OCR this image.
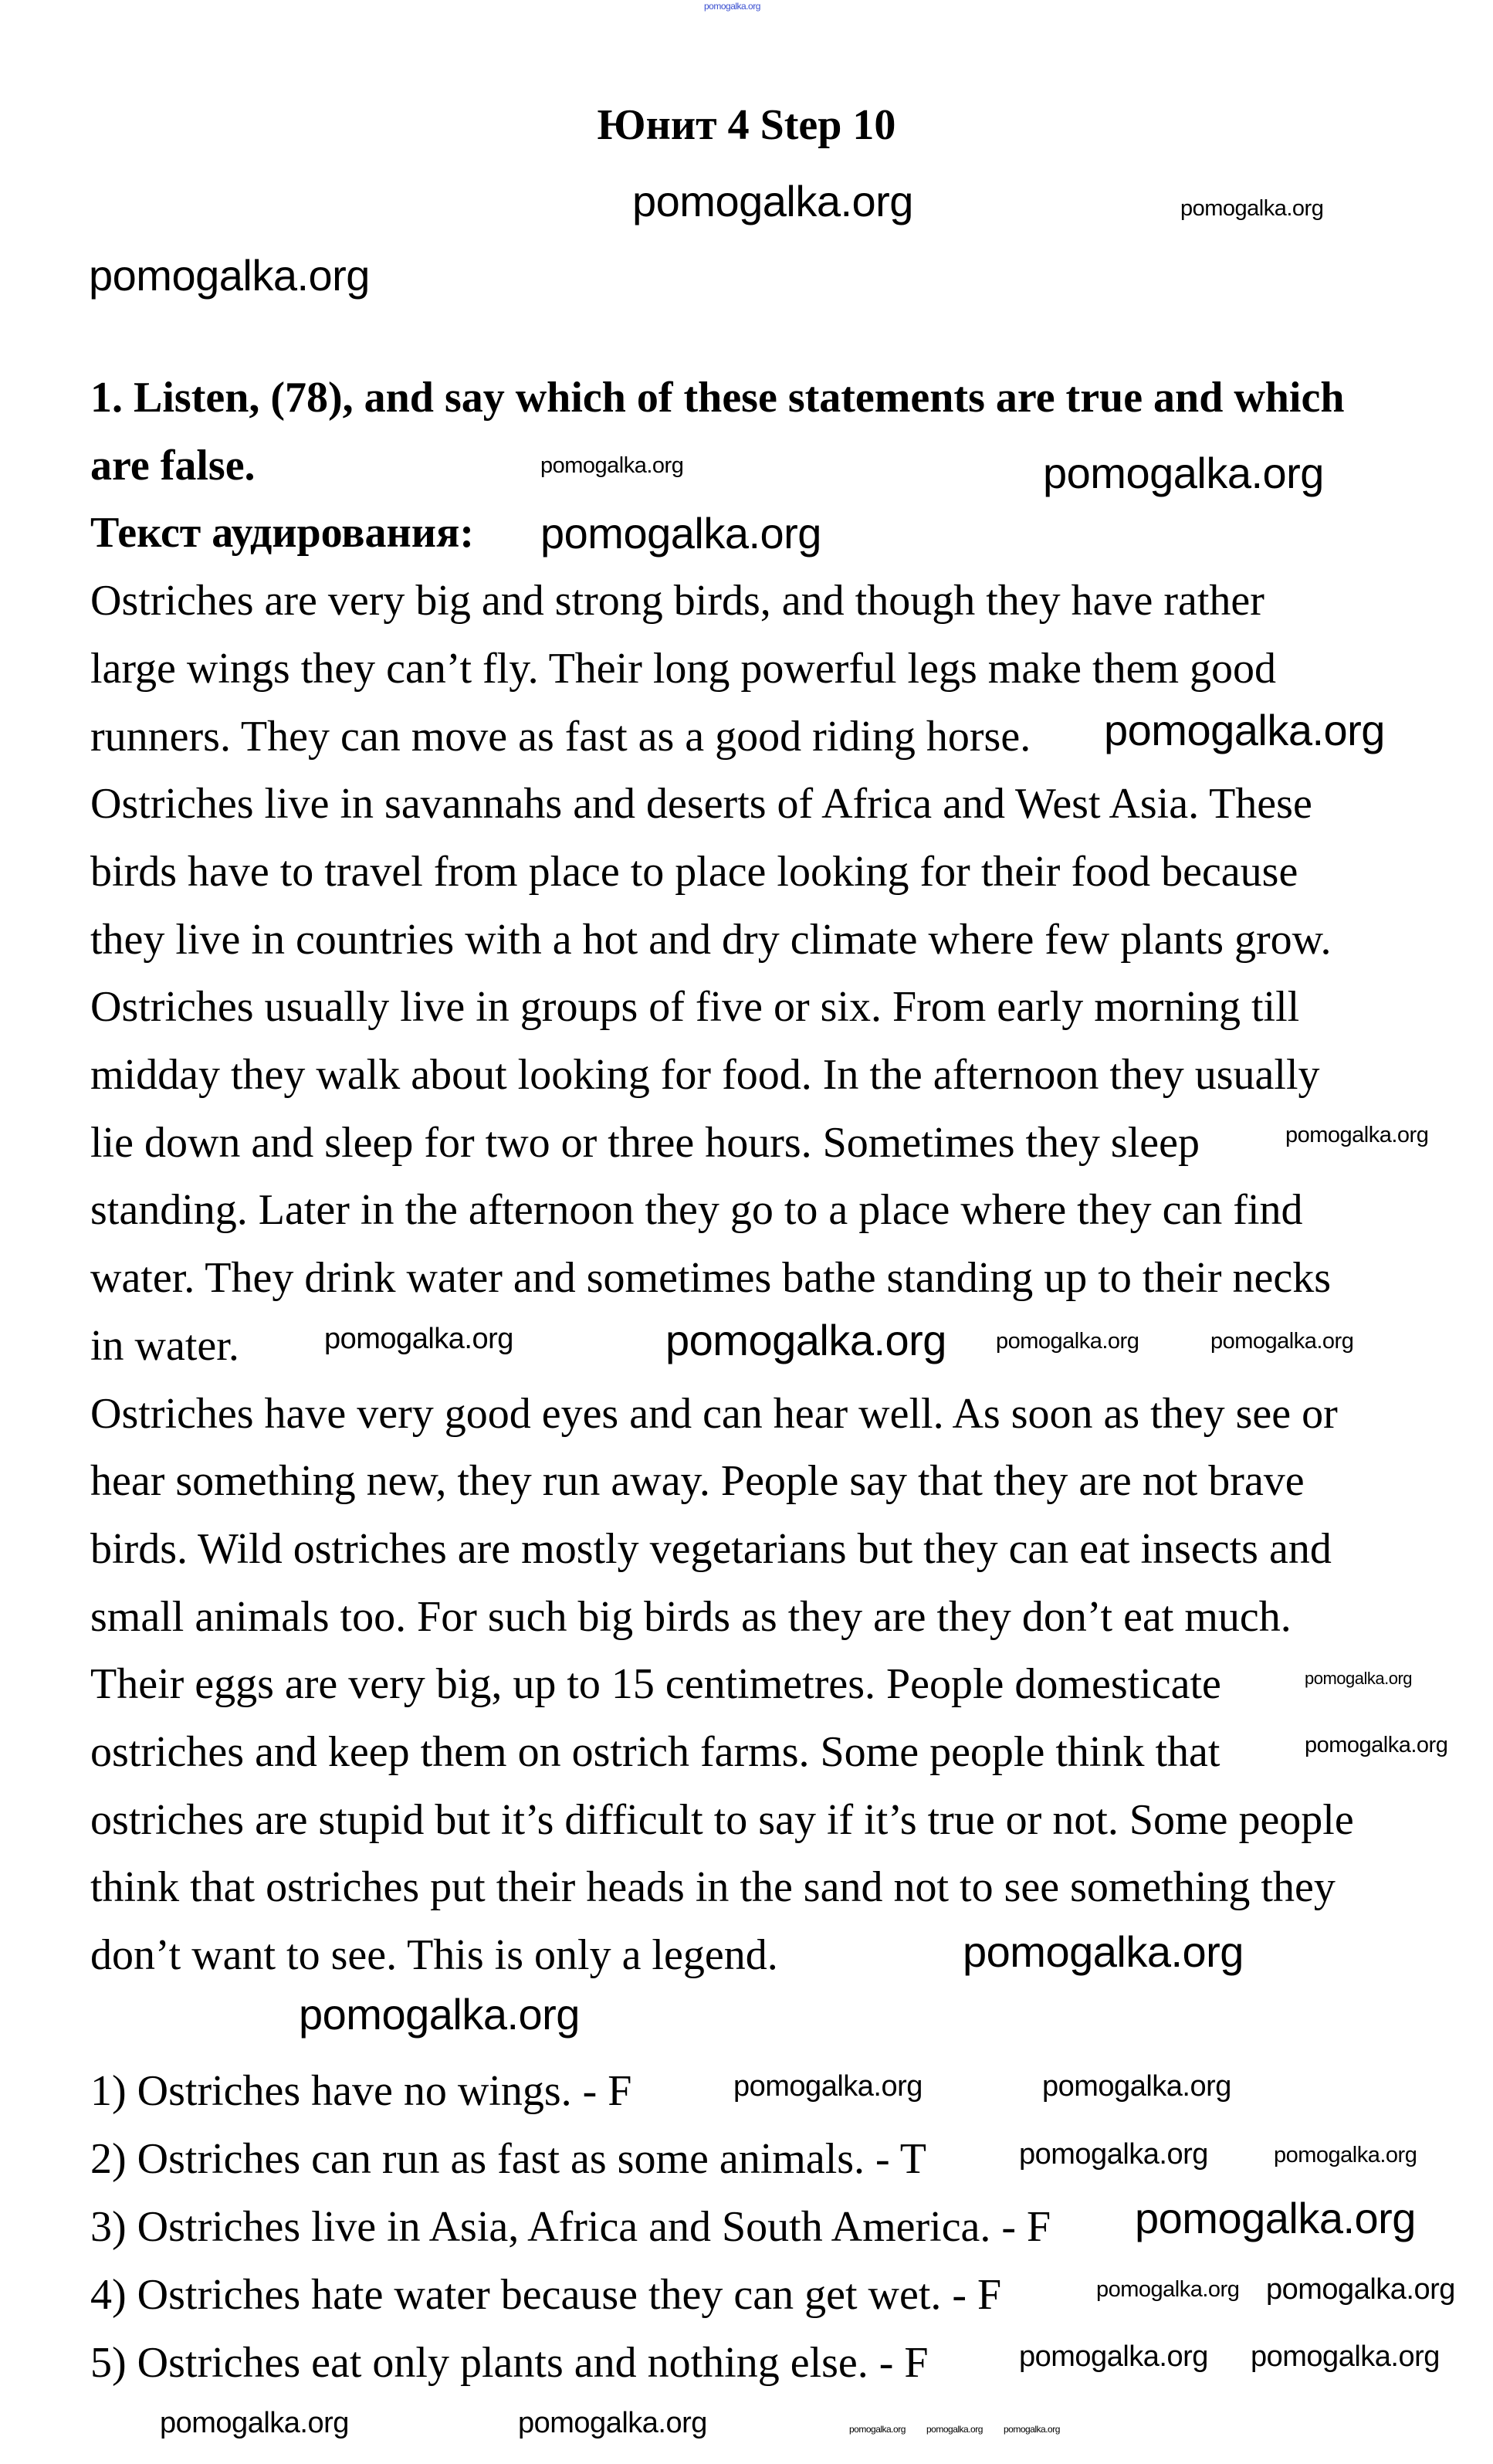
Юнит 4 Step 10
1. Listen, (78), and say which of these statements are true and which
are false.
Текст аудирования:
Ostriches are very big and strong birds, and though they have rather
large wings they can’t fly. Their long powerful legs make them good
runners. They can move as fast as a good riding horse.
Ostriches live in savannahs and deserts of Africa and West Asia. These
birds have to travel from place to place looking for their food because
they live in countries with a hot and dry climate where few plants grow.
Ostriches usually live in groups of five or six. From early morning till
midday they walk about looking for food. In the afternoon they usually
lie down and sleep for two or three hours. Sometimes they sleep
standing. Later in the afternoon they go to a place where they can find
water. They drink water and sometimes bathe standing up to their necks
in water.
Ostriches have very good eyes and can hear well. As soon as they see or
hear something new, they run away. People say that they are not brave
birds. Wild ostriches are mostly vegetarians but they can eat insects and
small animals too. For such big birds as they are they don’t eat much.
Their eggs are very big, up to 15 centimetres. People domesticate
ostriches and keep them on ostrich farms. Some people think that
ostriches are stupid but it’s difficult to say if it’s true or not. Some people
think that ostriches put their heads in the sand not to see something they
don’t want to see. This is only a legend.
1) Ostriches have no wings. - F
2) Ostriches can run as fast as some animals. - T
3) Ostriches live in Asia, Africa and South America. - F
4) Ostriches hate water because they can get wet. - F
5) Ostriches eat only plants and nothing else. - F
pomogalka.org
pomogalka.org	pomogalka.org
pomogalka.org
pomogalka.org
pomogalka.org
pomogalka.org
pomogalka.org
pomogalka.org
pomogalka.org
pomogalka.org	pomogalka.org
pomogalka.org
pomogalka.org
pomogalka.org	pomogalka.org
pomogalka.org	pomogalka.org
pomogalka.org
pomogalka.org
pomogalka.org
pomogalka.org
pomogalka.org pomogalka.org
pomogalka.org pomogalka.org
pomogalka.org
pomogalka.org
pomogalka.org
pomogalka.org	pomogalka.org
